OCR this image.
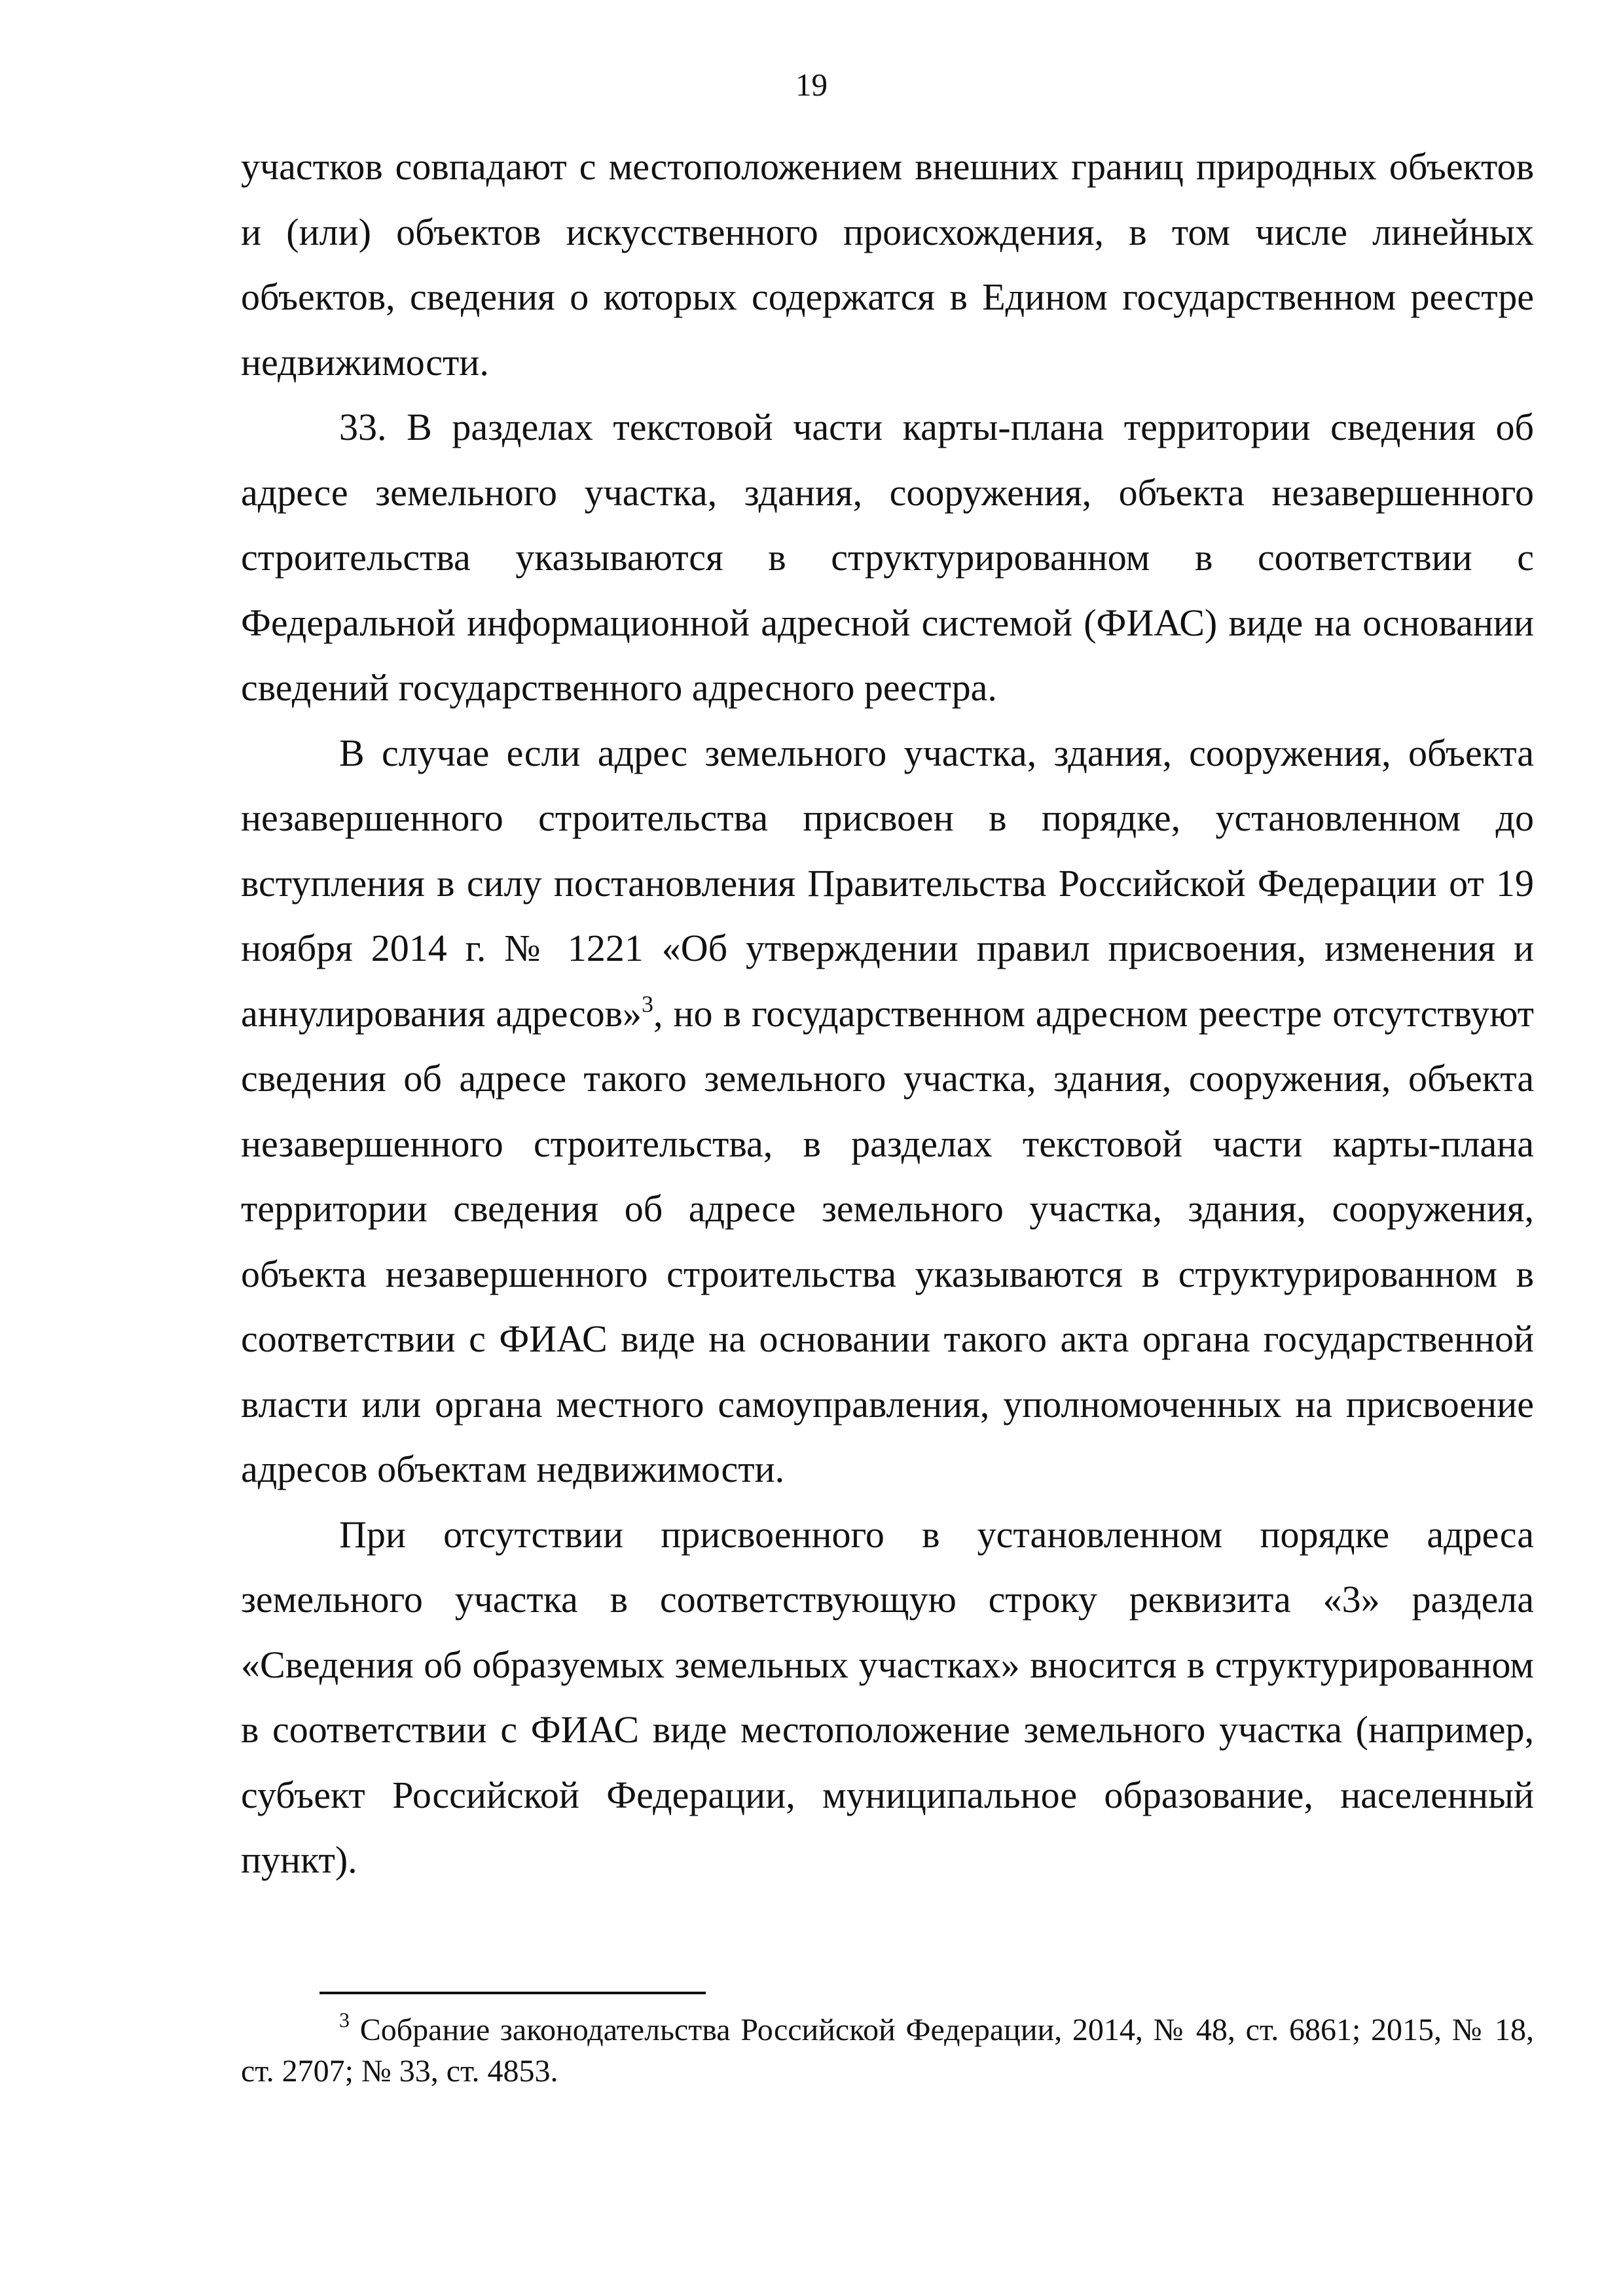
19

участков совпадают с местоположением внешних границ природных объектов и (или) объектов искусственного происхождения, в том числе линейных объектов, сведения о которых содержатся в Едином государственном реестре недвижимости.

33. В разделах текстовой части карты-плана территории сведения об адресе земельного участка, здания, сооружения, объекта незавершенного строительства указываются в структурированном в соответствии с Федеральной информационной адресной системой (ФИАС) виде на основании сведений государственного адресного реестра.

В случае если адрес земельного участка, здания, сооружения, объекта незавершенного строительства присвоен в порядке, установленном до вступления в силу постановления Правительства Российской Федерации от 19 ноября 2014 г. № 1221 «Об утверждении правил присвоения, изменения и аннулирования адресов»$^3$, но в государственном адресном реестре отсутствуют сведения об адресе такого земельного участка, здания, сооружения, объекта незавершенного строительства, в разделах текстовой части карты-плана территории сведения об адресе земельного участка, здания, сооружения, объекта незавершенного строительства указываются в структурированном в соответствии с ФИАС виде на основании такого акта органа государственной власти или органа местного самоуправления, уполномоченных на присвоение адресов объектам недвижимости.

При отсутствии присвоенного в установленном порядке адреса земельного участка в соответствующую строку реквизита «3» раздела «Сведения об образуемых земельных участках» вносится в структурированном в соответствии с ФИАС виде местоположение земельного участка (например, субъект Российской Федерации, муниципальное образование, населенный пункт).

$^3$ Собрание законодательства Российской Федерации, 2014, № 48, ст. 6861; 2015, № 18, ст. 2707; № 33, ст. 4853.
